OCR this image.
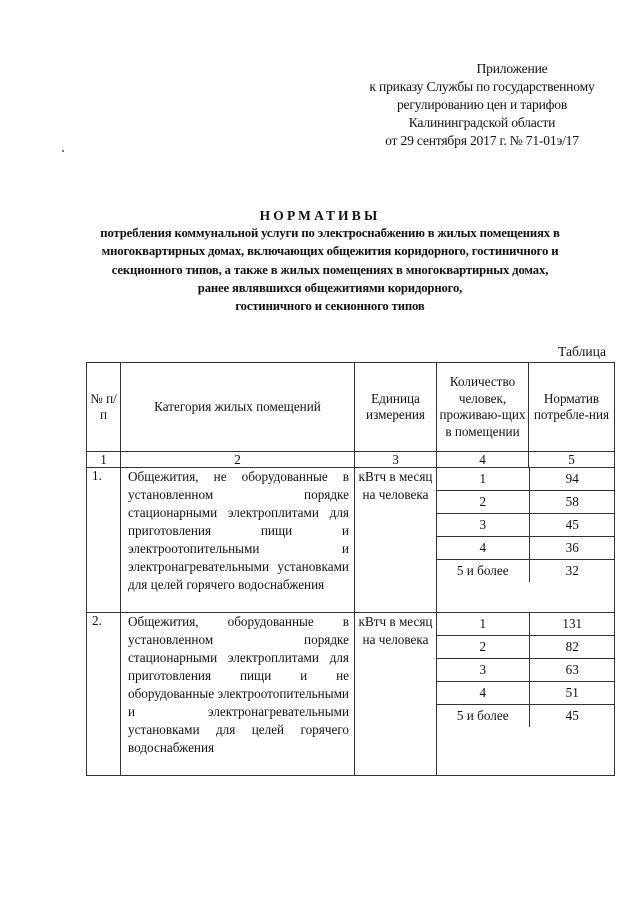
Приложение
к приказу Службы по государственному
регулированию цен и тарифов
Калининградской области
от 29 сентября 2017 г. № 71-01э/17
НОРМАТИВЫ
потребления коммунальной услуги по электроснабжению в жилых помещениях в
многоквартирных домах, включающих общежития коридорного, гостиничного и
секционного типов, а также в жилых помещениях в многоквартирных домах,
ранее являвшихся общежитиями коридорного,
гостиничного и секионного типов
Таблица
№ п/п	Категория жилых помещений	Единица измерения	Количество человек, проживаю-щих в помещении	Норматив потребле-ния
1	2	3	4	5
1.	Общежития, не оборудованные в установленном порядке стационарными электроплитами для приготовления пищи и электроотопительными и электронагревательными установками для целей горячего водоснабжения	кВтч в месяц на человека	
1	94
2	58
3	45
4	36
5 и более	32

2.	Общежития, оборудованные в установленном порядке стационарными электроплитами для приготовления пищи и не оборудованные электроотопительными и электронагревательными установками для целей горячего водоснабжения	кВтч в месяц на человека	
1	131
2	82
3	63
4	51
5 и более	45
